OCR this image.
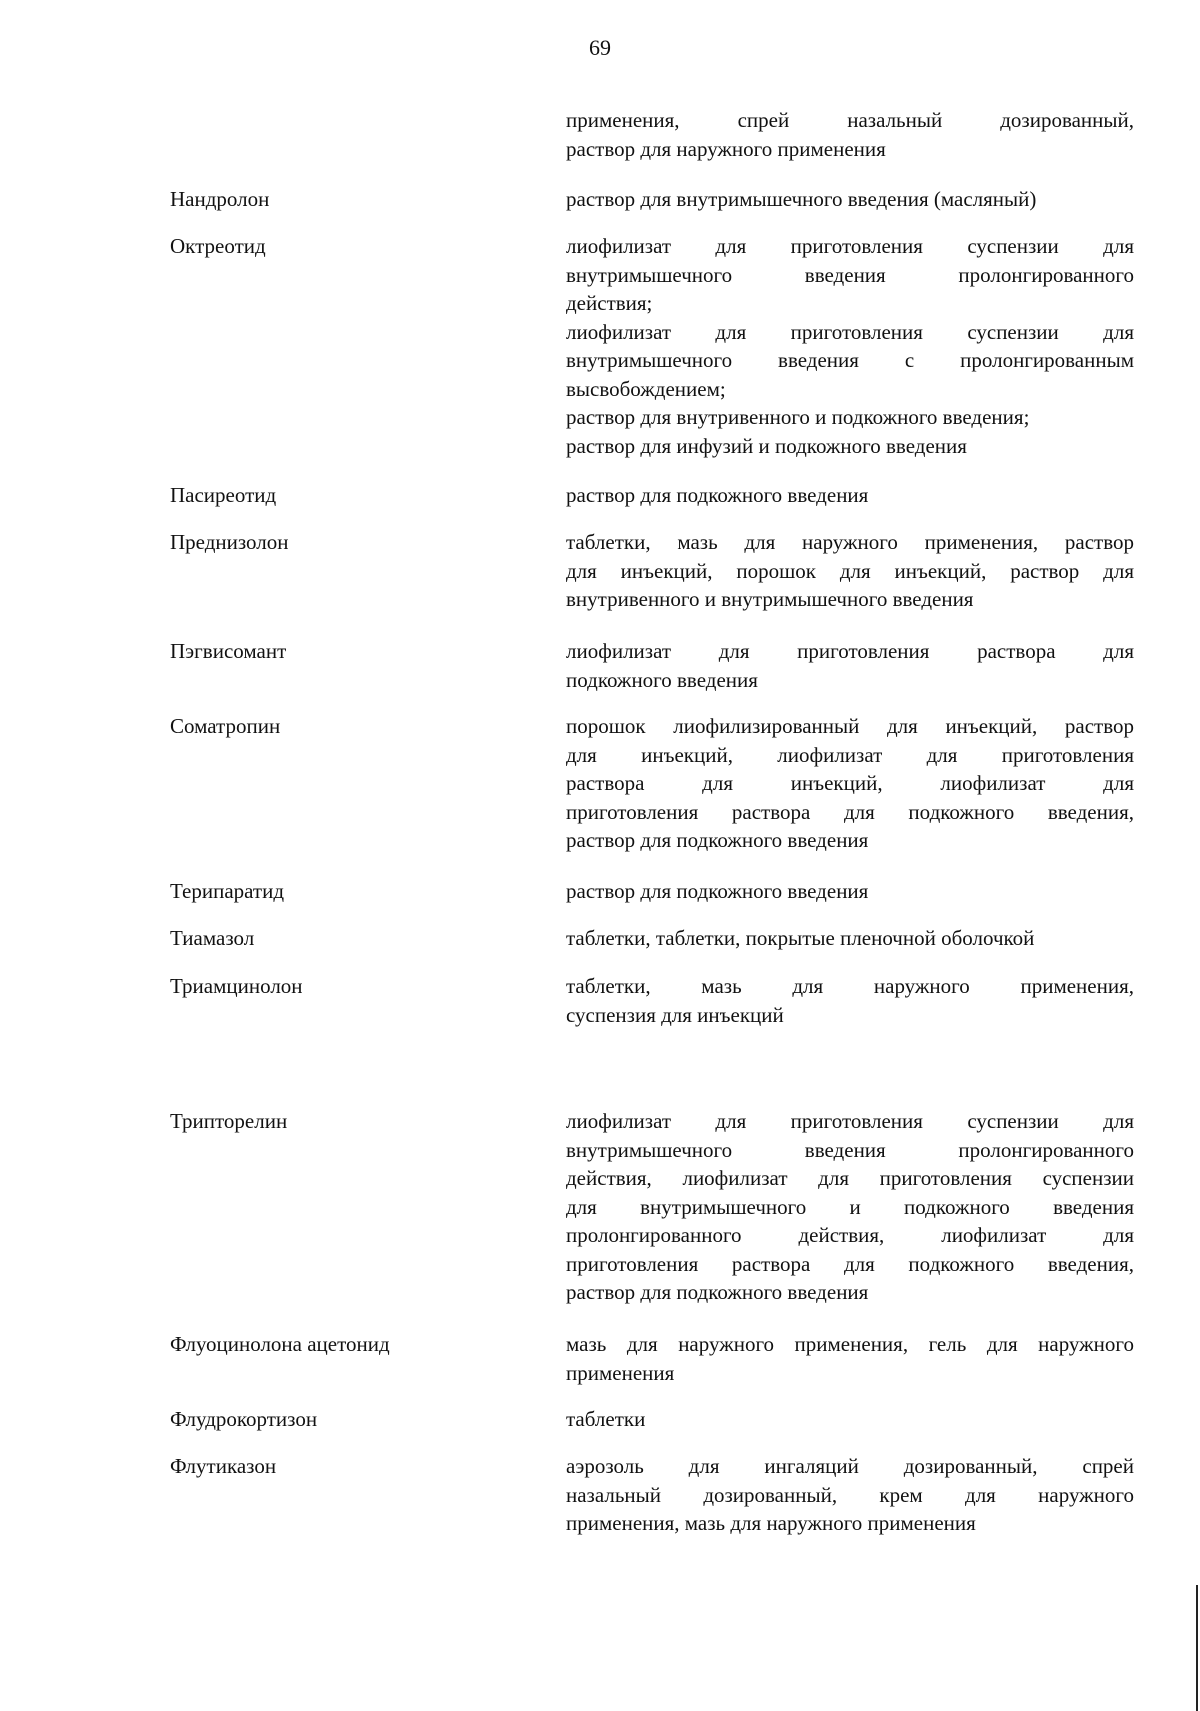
69
применения, спрей назальный дозированный,
раствор для наружного применения
Нандролон	раствор для внутримышечного введения (масляный)
Октреотид	лиофилизат для приготовления суспензии для
внутримышечного введения пролонгированного
действия;
лиофилизат для приготовления суспензии для
внутримышечного введения с пролонгированным
высвобождением;
раствор для внутривенного и подкожного введения;
раствор для инфузий и подкожного введения
Пасиреотид	раствор для подкожного введения
Преднизолон	таблетки, мазь для наружного применения, раствор
для инъекций, порошок для инъекций, раствор для
внутривенного и внутримышечного введения
Пэгвисомант	лиофилизат для приготовления раствора для
подкожного введения
Соматропин	порошок лиофилизированный для инъекций, раствор
для инъекций, лиофилизат для приготовления
раствора для инъекций, лиофилизат для
приготовления раствора для подкожного введения,
раствор для подкожного введения
Терипаратид	раствор для подкожного введения
Тиамазол	таблетки, таблетки, покрытые пленочной оболочкой
Триамцинолон	таблетки, мазь для наружного применения,
суспензия для инъекций
Трипторелин	лиофилизат для приготовления суспензии для
внутримышечного введения пролонгированного
действия, лиофилизат для приготовления суспензии
для внутримышечного и подкожного введения
пролонгированного действия, лиофилизат для
приготовления раствора для подкожного введения,
раствор для подкожного введения
Флуоцинолона ацетонид	мазь для наружного применения, гель для наружного
применения
Флудрокортизон	таблетки
Флутиказон	аэрозоль для ингаляций дозированный, спрей
назальный дозированный, крем для наружного
применения, мазь для наружного применения
